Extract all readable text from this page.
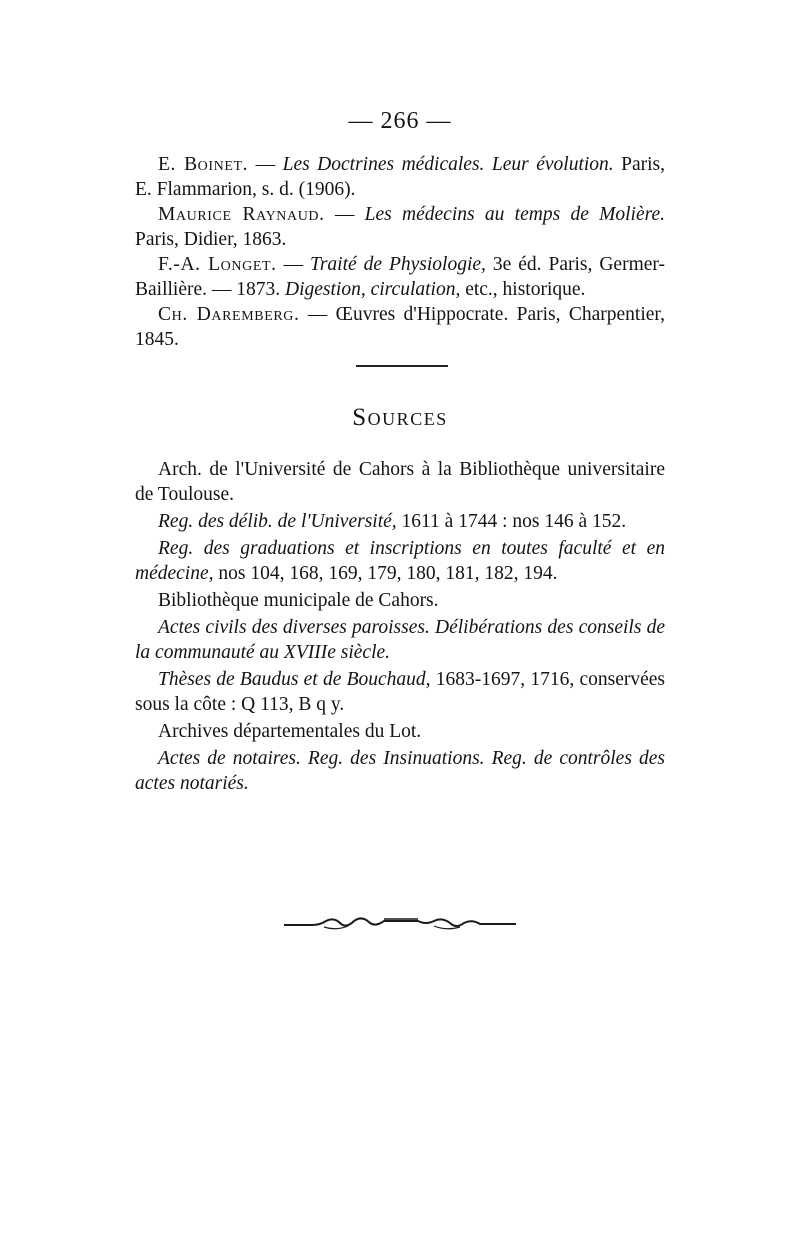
— 266 —

E. Boinet. — Les Doctrines médicales. Leur évolution. Paris, E. Flammarion, s. d. (1906).

Maurice Raynaud. — Les médecins au temps de Molière. Paris, Didier, 1863.

F.-A. Longet. — Traité de Physiologie, 3e éd. Paris, Germer-Baillière. — 1873. Digestion, circulation, etc., historique.

Ch. Daremberg. — Œuvres d'Hippocrate. Paris, Charpentier, 1845.

Sources

Arch. de l'Université de Cahors à la Bibliothèque universitaire de Toulouse.

Reg. des délib. de l'Université, 1611 à 1744 : nos 146 à 152.

Reg. des graduations et inscriptions en toutes faculté et en médecine, nos 104, 168, 169, 179, 180, 181, 182, 194.

Bibliothèque municipale de Cahors.

Actes civils des diverses paroisses. Délibérations des conseils de la communauté au XVIIIe siècle.

Thèses de Baudus et de Bouchaud, 1683-1697, 1716, conservées sous la côte : Q 113, B q y.

Archives départementales du Lot.

Actes de notaires. Reg. des Insinuations. Reg. de contrôles des actes notariés.
